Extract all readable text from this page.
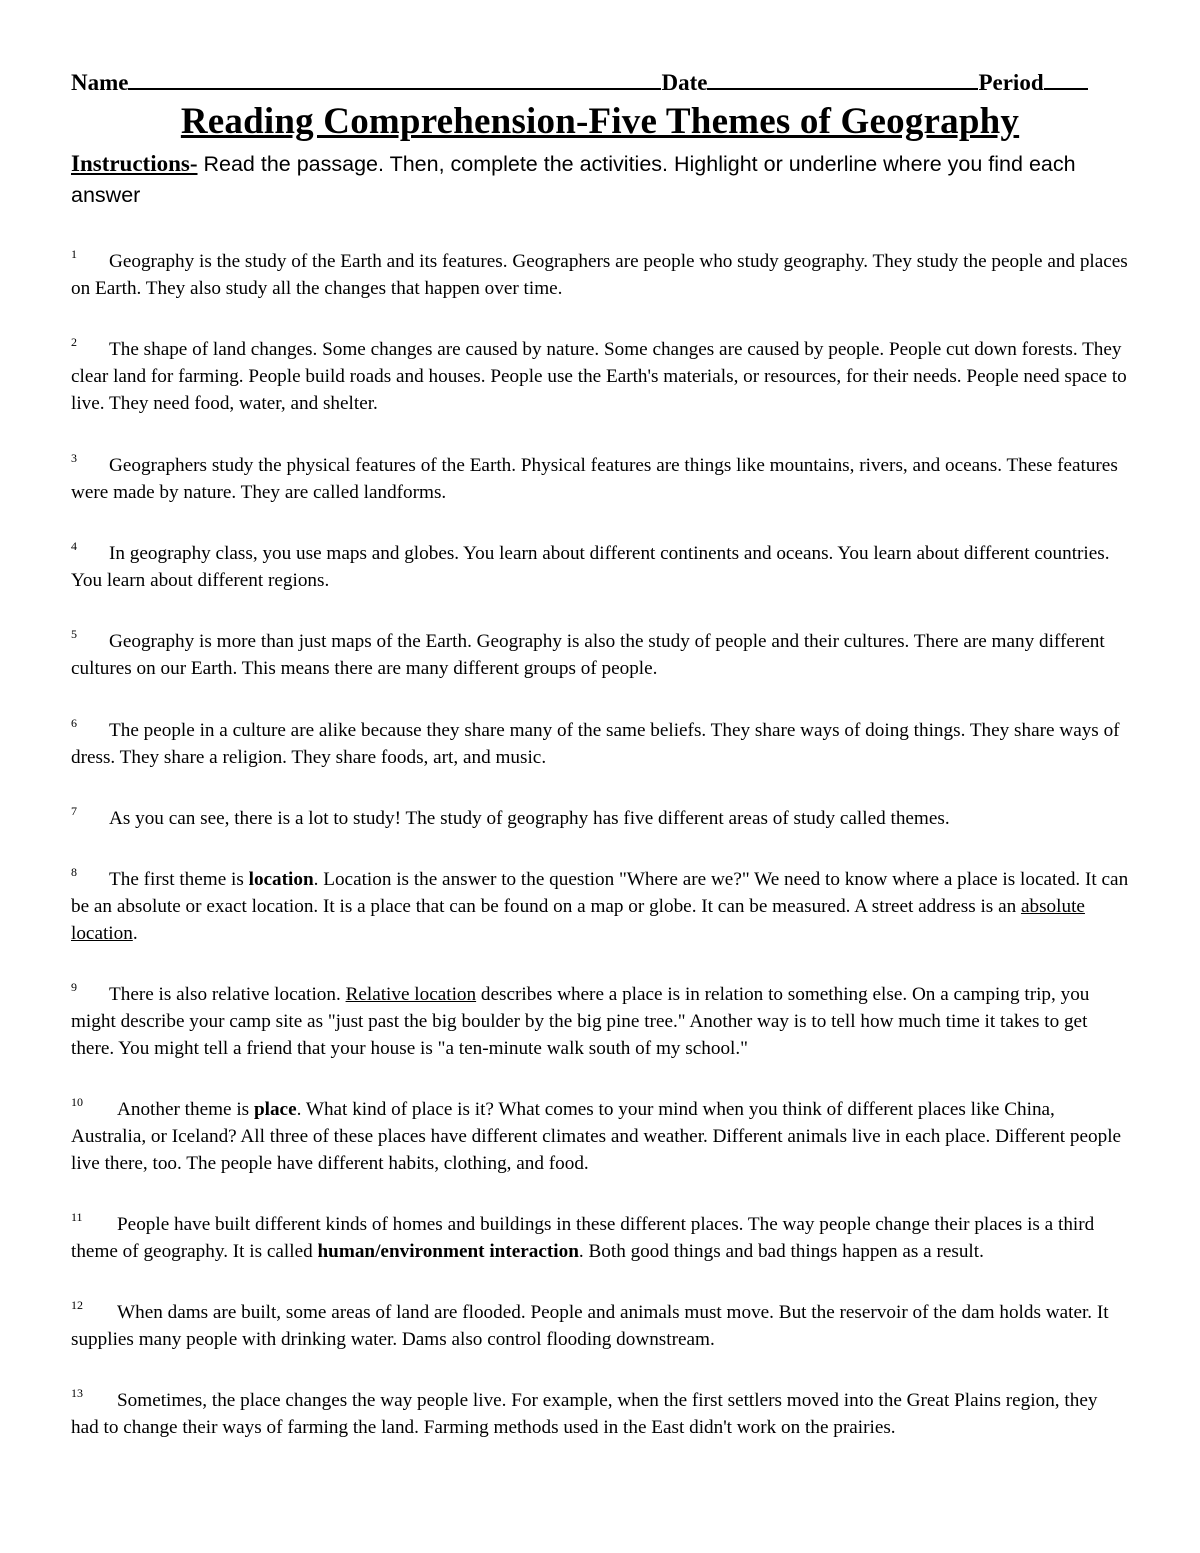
Name	Date	Period
Reading Comprehension-Five Themes of Geography
Instructions- Read the passage. Then, complete the activities. Highlight or underline where you find each answer

1 Geography is the study of the Earth and its features. Geographers are people who study geography. They study the people and places on Earth. They also study all the changes that happen over time.

2 The shape of land changes. Some changes are caused by nature. Some changes are caused by people. People cut down forests. They clear land for farming. People build roads and houses. People use the Earth's materials, or resources, for their needs. People need space to live. They need food, water, and shelter.

3 Geographers study the physical features of the Earth. Physical features are things like mountains, rivers, and oceans. These features were made by nature. They are called landforms.

4 In geography class, you use maps and globes. You learn about different continents and oceans. You learn about different countries. You learn about different regions.

5 Geography is more than just maps of the Earth. Geography is also the study of people and their cultures. There are many different cultures on our Earth. This means there are many different groups of people.

6 The people in a culture are alike because they share many of the same beliefs. They share ways of doing things. They share ways of dress. They share a religion. They share foods, art, and music.

7 As you can see, there is a lot to study! The study of geography has five different areas of study called themes.

8 The first theme is location. Location is the answer to the question "Where are we?" We need to know where a place is located. It can be an absolute or exact location. It is a place that can be found on a map or globe. It can be measured. A street address is an absolute location.

9 There is also relative location. Relative location describes where a place is in relation to something else. On a camping trip, you might describe your camp site as "just past the big boulder by the big pine tree." Another way is to tell how much time it takes to get there. You might tell a friend that your house is "a ten-minute walk south of my school."

10 Another theme is place. What kind of place is it? What comes to your mind when you think of different places like China, Australia, or Iceland? All three of these places have different climates and weather. Different animals live in each place. Different people live there, too. The people have different habits, clothing, and food.

11 People have built different kinds of homes and buildings in these different places. The way people change their places is a third theme of geography. It is called human/environment interaction. Both good things and bad things happen as a result.

12 When dams are built, some areas of land are flooded. People and animals must move. But the reservoir of the dam holds water. It supplies many people with drinking water. Dams also control flooding downstream.

13 Sometimes, the place changes the way people live. For example, when the first settlers moved into the Great Plains region, they had to change their ways of farming the land. Farming methods used in the East didn't work on the prairies.
